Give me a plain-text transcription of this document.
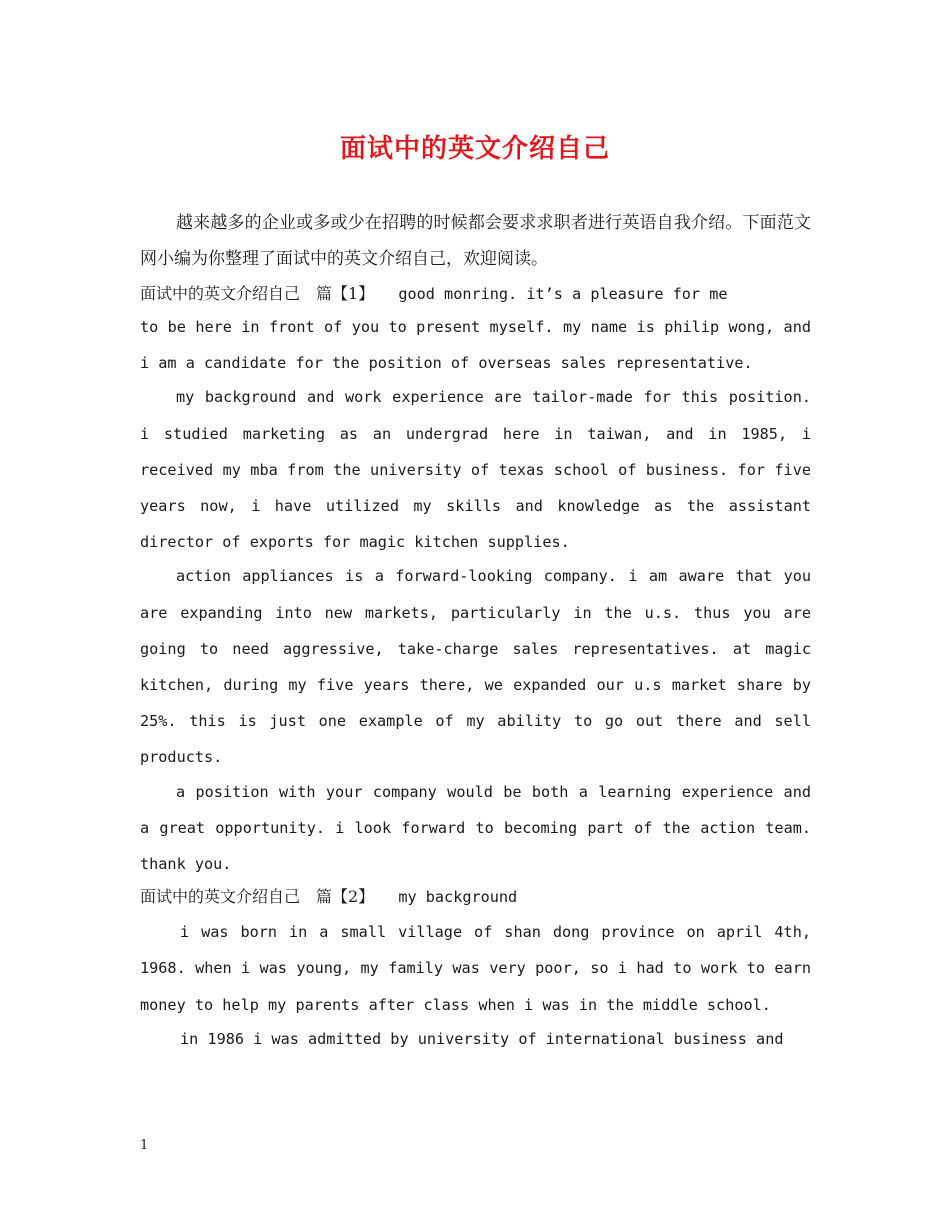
面试中的英文介绍自己

越来越多的企业或多或少在招聘的时候都会要求求职者进行英语自我介绍。下面范文网小编为你整理了面试中的英文介绍自己，欢迎阅读。

面试中的英文介绍自己　篇【1】 good monring. it’s a pleasure for me

to be here in front of you to present myself. my name is philip wong, and i am a candidate for the position of overseas sales representative.

my background and work experience are tailor-made for this position. i studied marketing as an undergrad here in taiwan, and in 1985, i received my mba from the university of texas school of business. for five years now, i have utilized my skills and knowledge as the assistant director of exports for magic kitchen supplies.

action appliances is a forward-looking company. i am aware that you are expanding into new markets, particularly in the u.s. thus you are going to need aggressive, take-charge sales representatives. at magic kitchen, during my five years there, we expanded our u.s market share by 25%. this is just one example of my ability to go out there and sell products.

a position with your company would be both a learning experience and a great opportunity. i look forward to becoming part of the action team. thank you.

面试中的英文介绍自己　篇【2】 my background

i was born in a small village of shan dong province on april 4th, 1968. when i was young, my family was very poor, so i had to work to earn money to help my parents after class when i was in the middle school.

in 1986 i was admitted by university of international business and

1
